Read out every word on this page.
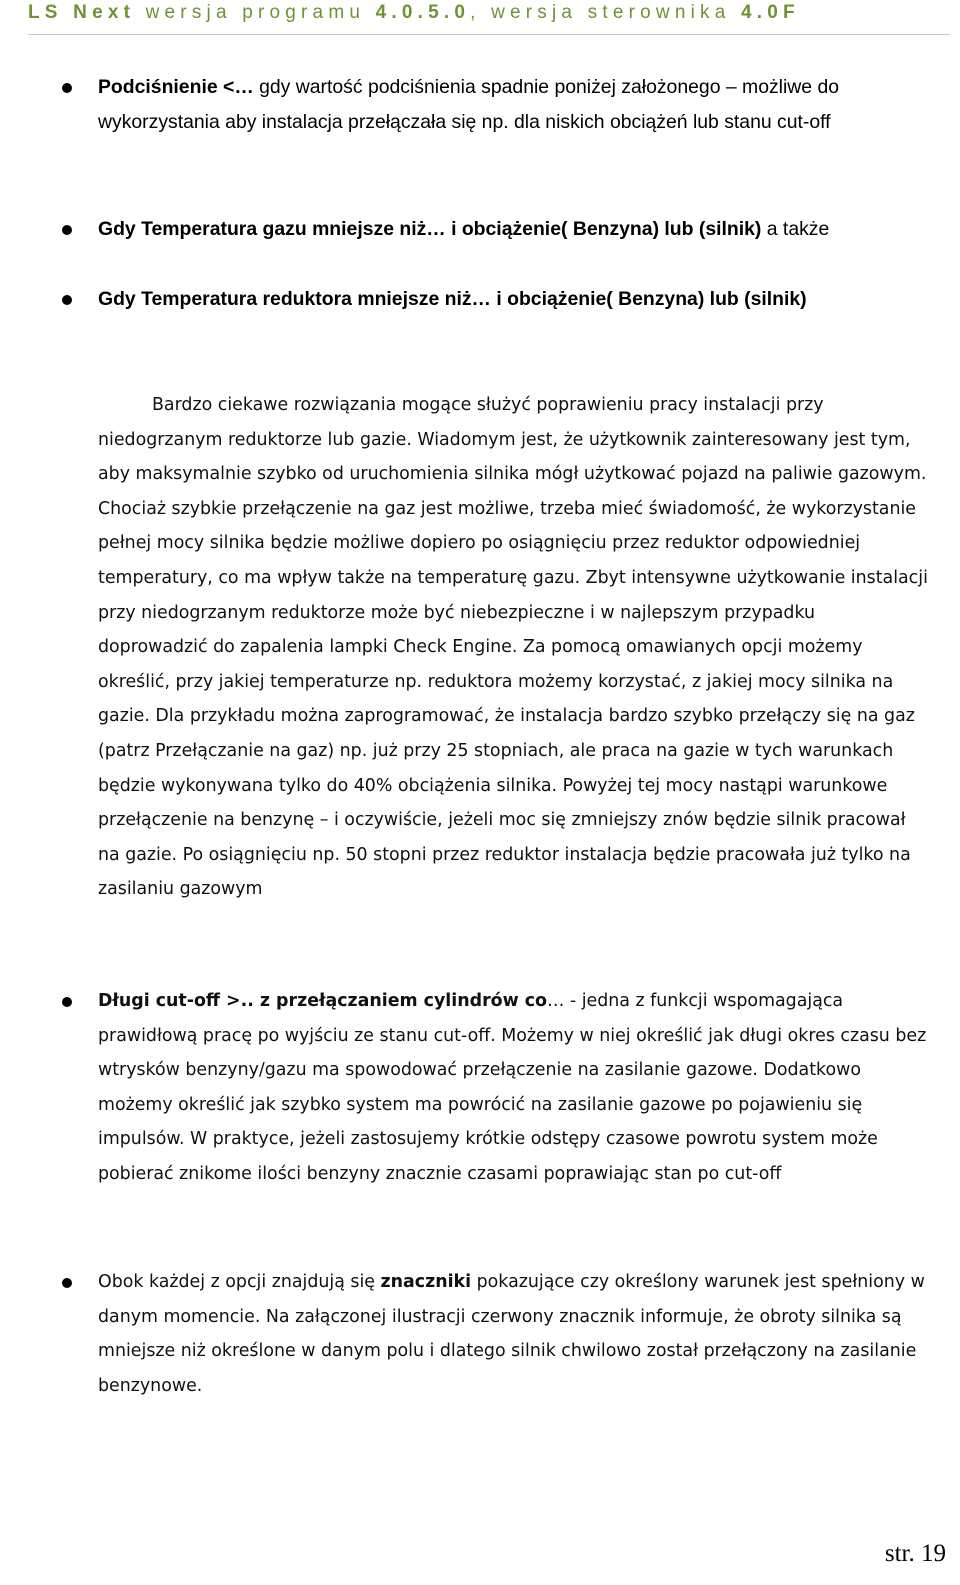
LS Next wersja programu 4.0.5.0, wersja sterownika 4.0F
Podciśnienie <… gdy wartość podciśnienia spadnie poniżej założonego – możliwe do wykorzystania aby instalacja przełączała się np. dla niskich obciążeń lub stanu cut-off
Gdy Temperatura gazu mniejsze niż… i obciążenie( Benzyna) lub (silnik) a także
Gdy Temperatura reduktora mniejsze niż… i obciążenie( Benzyna) lub (silnik)
Bardzo ciekawe rozwiązania mogące służyć poprawieniu pracy instalacji przy niedogrzanym reduktorze lub gazie. Wiadomym jest, że użytkownik zainteresowany jest tym, aby maksymalnie szybko od uruchomienia silnika mógł użytkować pojazd na paliwie gazowym. Chociaż szybkie przełączenie na gaz jest możliwe, trzeba mieć świadomość, że wykorzystanie pełnej mocy silnika będzie możliwe dopiero po osiągnięciu przez reduktor odpowiedniej temperatury, co ma wpływ także na temperaturę gazu. Zbyt intensywne użytkowanie instalacji przy niedogrzanym reduktorze może być niebezpieczne i w najlepszym przypadku doprowadzić do zapalenia lampki Check Engine. Za pomocą omawianych opcji możemy określić, przy jakiej temperaturze np. reduktora możemy korzystać, z jakiej mocy silnika na gazie. Dla przykładu można zaprogramować, że instalacja bardzo szybko przełączy się na gaz (patrz Przełączanie na gaz) np. już przy 25 stopniach, ale praca na gazie w tych warunkach będzie wykonywana tylko do 40% obciążenia silnika. Powyżej tej mocy nastąpi warunkowe przełączenie na benzynę – i oczywiście, jeżeli moc się zmniejszy znów będzie silnik pracował na gazie. Po osiągnięciu np. 50 stopni przez reduktor instalacja będzie pracowała już tylko na zasilaniu gazowym
Długi cut-off >.. z przełączaniem cylindrów co… - jedna z funkcji wspomagająca prawidłową pracę po wyjściu ze stanu cut-off. Możemy w niej określić jak długi okres czasu bez wtrysków benzyny/gazu ma spowodować przełączenie na zasilanie gazowe. Dodatkowo możemy określić jak szybko system ma powrócić na zasilanie gazowe po pojawieniu się impulsów. W praktyce, jeżeli zastosujemy krótkie odstępy czasowe powrotu system może pobierać znikome ilości benzyny znacznie czasami poprawiając stan po cut-off
Obok każdej z opcji znajdują się znaczniki pokazujące czy określony warunek jest spełniony w danym momencie. Na załączonej ilustracji czerwony znacznik informuje, że obroty silnika są mniejsze niż określone w danym polu i dlatego silnik chwilowo został przełączony na zasilanie benzynowe.
str. 19
